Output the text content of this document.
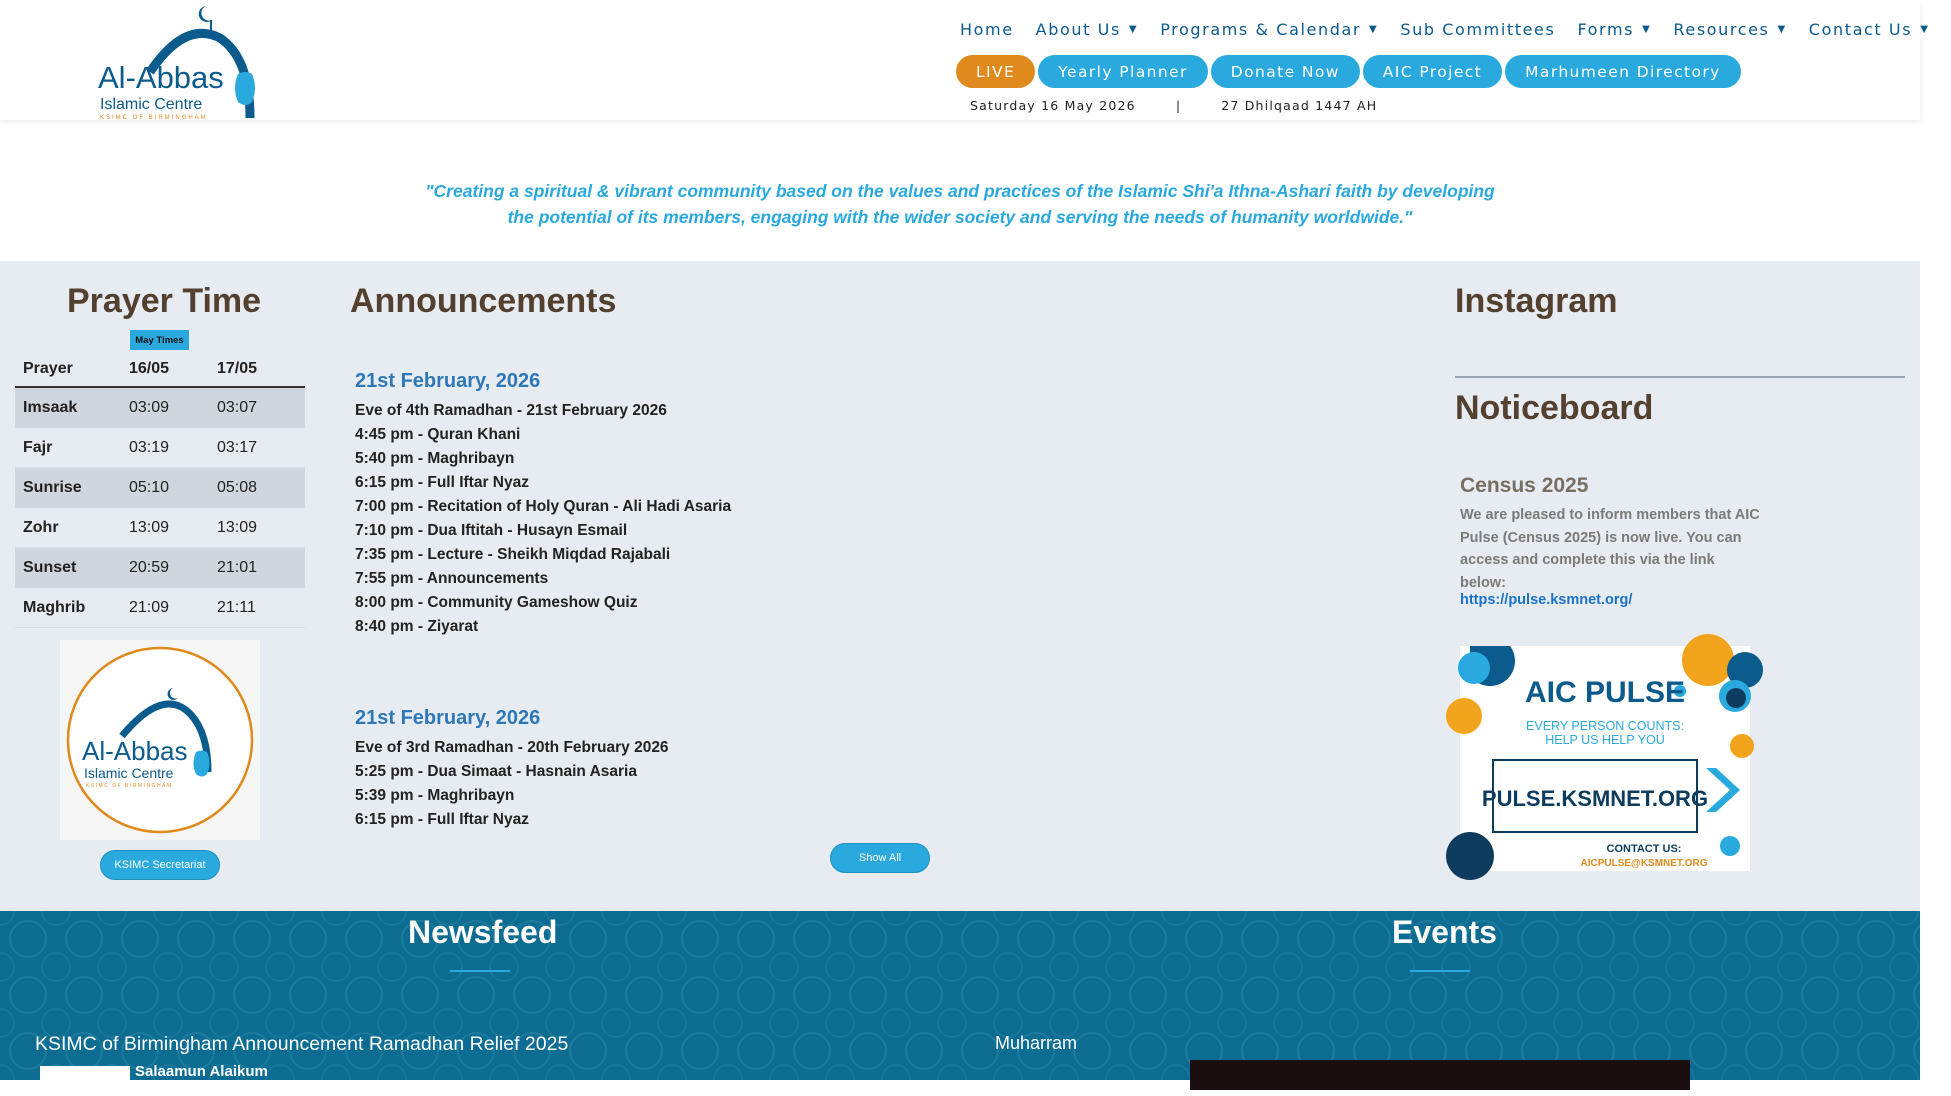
Al-Abbas
Islamic Centre
KSIMC OF BIRMINGHAM
Home About Us ▼ Programs & Calendar ▼ Sub Committees Forms ▼ Resources ▼ Contact Us ▼
LIVE	Yearly Planner	Donate Now	AIC Project	Marhumeen Directory
Saturday 16 May 2026	|	27 Dhilqaad 1447 AH
"Creating a spiritual & vibrant community based on the values and practices of the Islamic Shi'a Ithna-Ashari faith by developing the potential of its members, engaging with the wider society and serving the needs of humanity worldwide."
Prayer Time
May Times
Prayer	16/05	17/05
Imsaak	03:09	03:07
Fajr	03:19	03:17
Sunrise	05:10	05:08
Zohr	13:09	13:09
Sunset	20:59	21:01
Maghrib	21:09	21:11
Al-Abbas
Islamic Centre
KSIMC OF BIRMINGHAM
KSIMC Secretariat
Announcements
21st February, 2026
Eve of 4th Ramadhan - 21st February 2026
4:45 pm - Quran Khani
5:40 pm - Maghribayn
6:15 pm - Full Iftar Nyaz
7:00 pm - Recitation of Holy Quran - Ali Hadi Asaria
7:10 pm - Dua Iftitah - Husayn Esmail
7:35 pm - Lecture - Sheikh Miqdad Rajabali
7:55 pm - Announcements
8:00 pm - Community Gameshow Quiz
8:40 pm - Ziyarat
21st February, 2026
Eve of 3rd Ramadhan - 20th February 2026
5:25 pm - Dua Simaat - Hasnain Asaria
5:39 pm - Maghribayn
6:15 pm - Full Iftar Nyaz
Show All
Instagram
Noticeboard
Census 2025
We are pleased to inform members that AIC Pulse (Census 2025) is now live. You can access and complete this via the link below:
https://pulse.ksmnet.org/
AIC PULSE
EVERY PERSON COUNTS:
HELP US HELP YOU
PULSE.KSMNET.ORG
CONTACT US:
AICPULSE@KSMNET.ORG
Newsfeed	Events
KSIMC of Birmingham Announcement Ramadhan Relief 2025
Salaamun Alaikum
Muharram
